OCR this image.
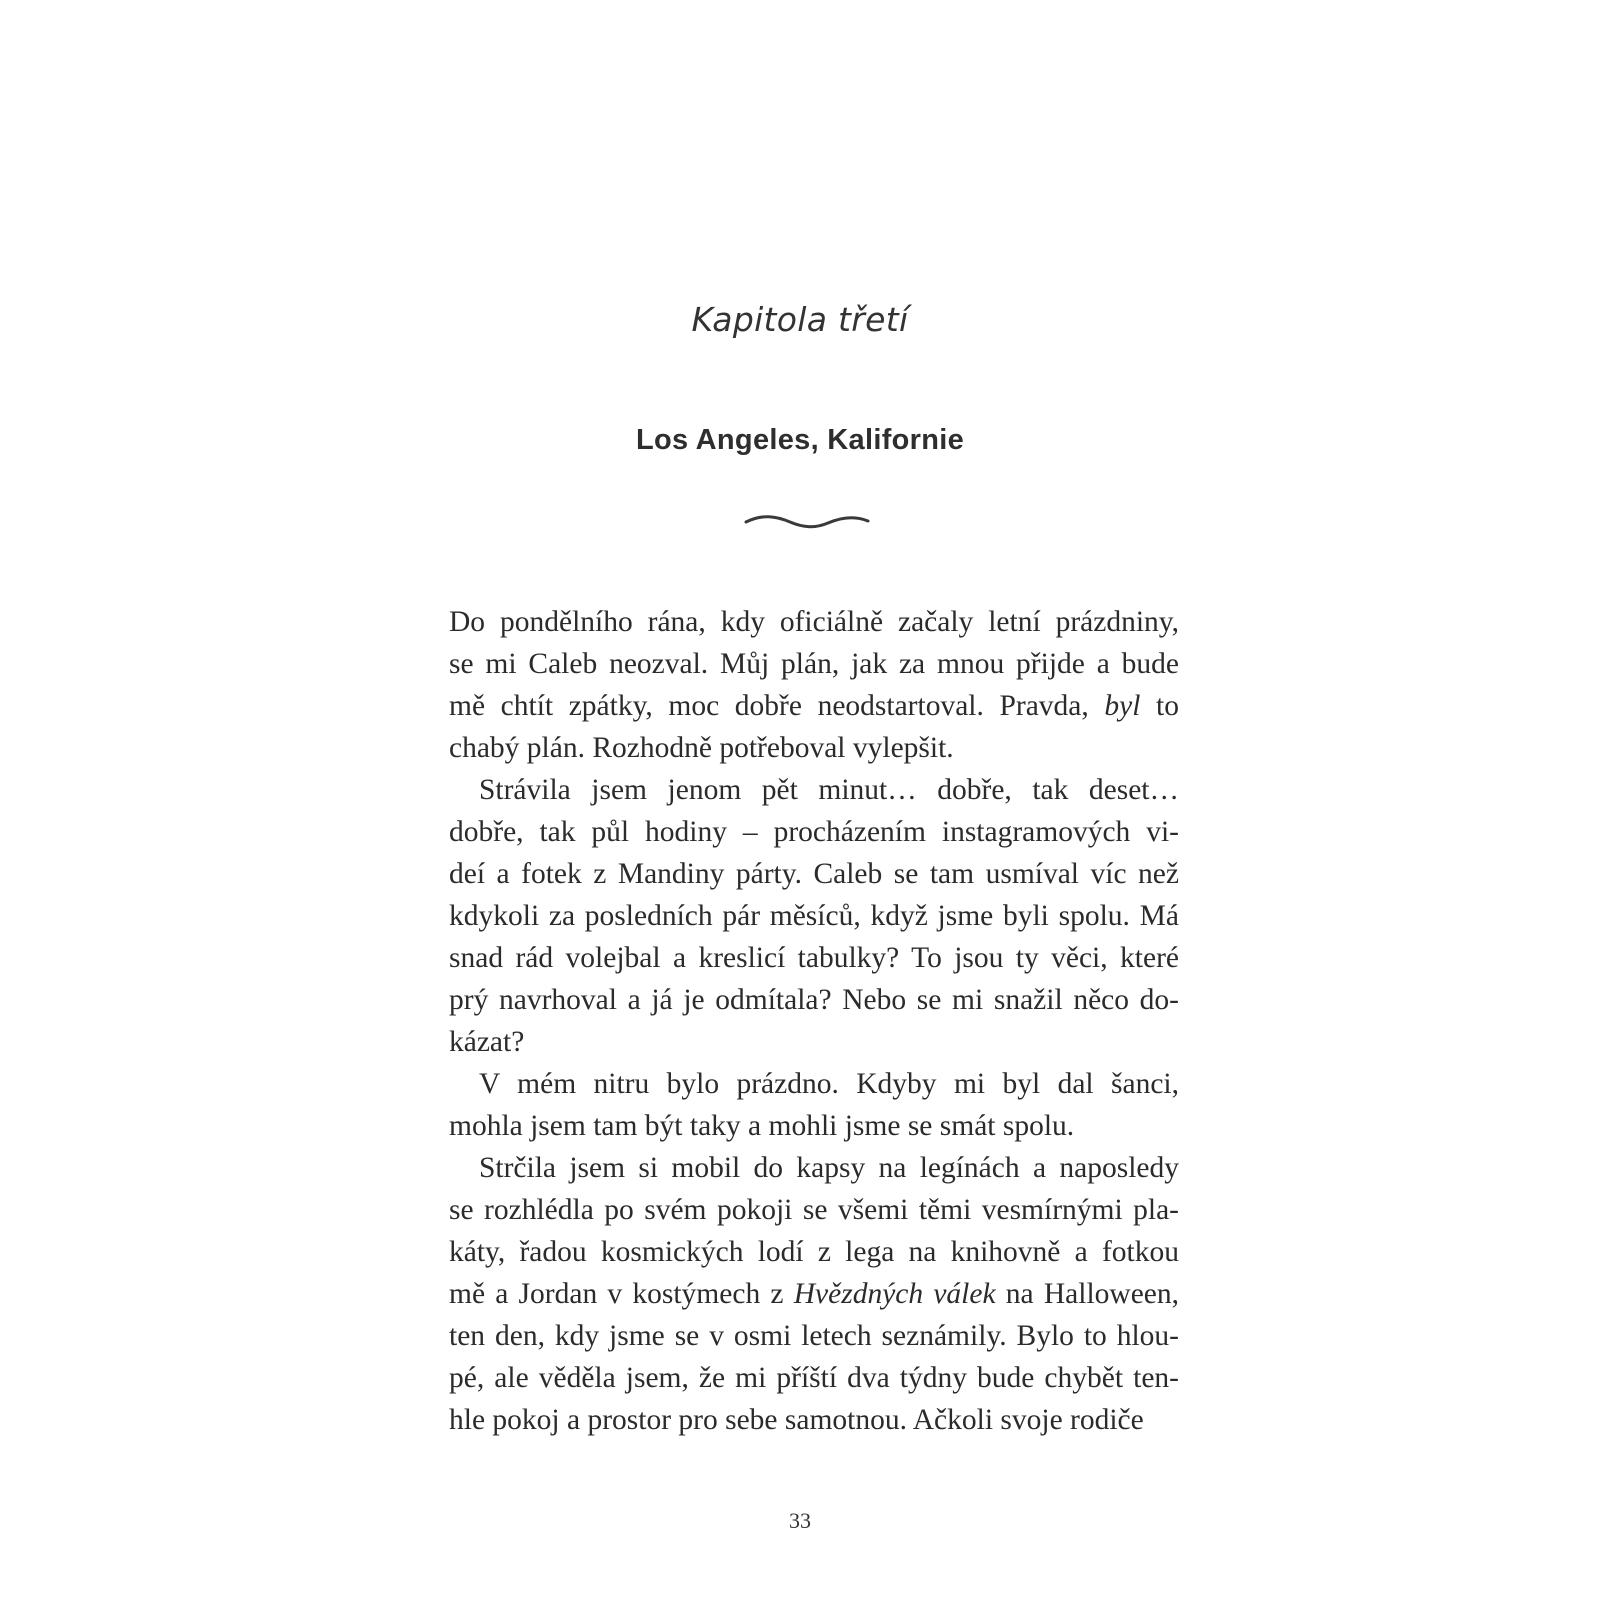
Kapitola třetí
Los Angeles, Kalifornie
Do pondělního rána, kdy oficiálně začaly letní prázdniny,
se mi Caleb neozval. Můj plán, jak za mnou přijde a bude
mě chtít zpátky, moc dobře neodstartoval. Pravda, byl to
chabý plán. Rozhodně potřeboval vylepšit.
Strávila jsem jenom pět minut… dobře, tak deset…
dobře, tak půl hodiny – procházením instagramových vi-
deí a fotek z Mandiny párty. Caleb se tam usmíval víc než
kdykoli za posledních pár měsíců, když jsme byli spolu. Má
snad rád volejbal a kreslicí tabulky? To jsou ty věci, které
prý navrhoval a já je odmítala? Nebo se mi snažil něco do-
kázat?
V mém nitru bylo prázdno. Kdyby mi byl dal šanci,
mohla jsem tam být taky a mohli jsme se smát spolu.
Strčila jsem si mobil do kapsy na legínách a naposledy
se rozhlédla po svém pokoji se všemi těmi vesmírnými pla-
káty, řadou kosmických lodí z lega na knihovně a fotkou
mě a Jordan v kostýmech z Hvězdných válek na Halloween,
ten den, kdy jsme se v osmi letech seznámily. Bylo to hlou-
pé, ale věděla jsem, že mi příští dva týdny bude chybět ten-
hle pokoj a prostor pro sebe samotnou. Ačkoli svoje rodiče
33
